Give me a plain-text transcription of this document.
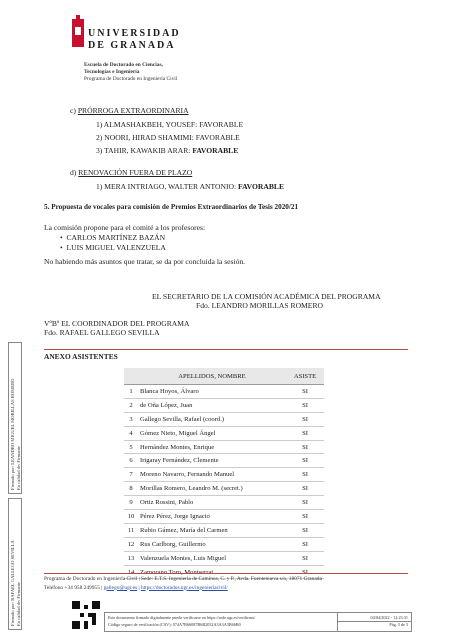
UNIVERSIDAD
DE GRANADA
Escuela de Doctorado en Ciencias,
Tecnologías e Ingeniería
Programa de Doctorado en Ingeniería Civil
c) PRÓRROGA EXTRAORDINARIA
1) ALMASHAKBEH, YOUSEF: FAVORABLE
2) NOORI, HIRAD SHAMIMI: FAVORABLE
3) TAHIR, KAWAKIB ARAR: FAVORABLE
d) RENOVACIÓN FUERA DE PLAZO
1) MERA INTRIAGO, WALTER ANTONIO: FAVORABLE
5. Propuesta de vocales para comisión de Premios Extraordinarios de Tesis 2020/21
La comisión propone para el comité a los profesores:
•  CARLOS MARTÍNEZ BAZÁN
•  LUIS MIGUEL VALENZUELA
No habiendo más asuntos que tratar, se da por concluida la sesión.
EL SECRETARIO DE LA COMISIÓN ACADÉMICA DEL PROGRAMA
Fdo. LEANDRO MORILLAS ROMERO
VºBº EL COORDINADOR DEL PROGRAMA
Fdo. RAFAEL GALLEGO SEVILLA
ANEXO ASISTENTES
	APELLIDOS, NOMBRE	ASISTE
1	Blanca Hoyos, Álvaro	SI
2	de Oña López, Juan	SI
3	Gallego Sevilla, Rafael (coord.)	SI
4	Gómez Nieto, Miguel Ángel	SI
5	Hernández Montes, Enrique	SI
6	Irigaray Fernández, Clemente	SI
7	Moreno Navarro, Fernando Manuel	SI
8	Morillas Romero, Leandro M. (secret.)	SI
9	Ortiz Rossini, Pablo	SI
10	Pérez Pérez, Jorge Ignacio	SI
11	Rubio Gámez, María del Carmen	SI
12	Rus Carlborg, Guillermo	SI
13	Valenzuela Montes, Luis Miguel	SI
14	Zamorano Toro, Montserrat	SI
Programa de Doctorado en Ingeniería Civil | Sede: E.T.S. Ingeniería de Caminos, C. y P., Avda. Fuentenueva s/n, 18071 Granada
Teléfono +34 958 249955 | gallego@ugr.es | https://doctorados.ugr.es/ingenieriacivil/
Firmado por: LEANDRO MIGUEL MORILLAS ROMERO En calidad de: Firmante
Firmado por: RAFAEL GALLEGO SEVILLA En calidad de: Firmante	Este documento firmado digitalmente puede verificarse en https://sede.ugr.es/verifirma/
Código seguro de verificación (CSV): 074A7B66087B6B2032A3A3A3B66B0
04/04/2022 - 12:23:31
Pág. 3 de 3
